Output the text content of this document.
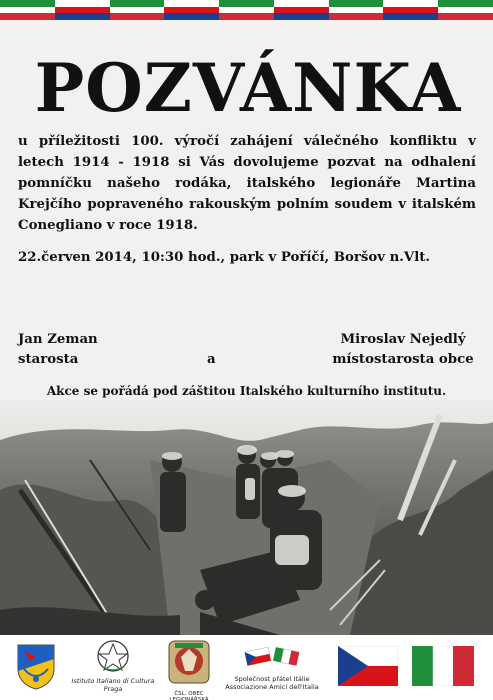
POZVÁNKA
u příležitosti 100. výročí zahájení válečného konfliktu v letech 1914 - 1918 si Vás dovolujeme pozvat na odhalení pomníčku našeho rodáka, italského legionáře Martina Krejčího popraveného rakouským polním soudem v italském Conegliano v roce 1918.
22.červen 2014, 10:30 hod., park v Poříčí, Boršov n.Vlt.
Jan Zeman
starosta	a
Miroslav Nejedlý
místostarosta obce
Akce se pořádá pod záštitou Italského kulturního institutu.
Istituto Italiano di Cultura
Praga
ČSL. OBEC LEGIONÁŘSKÁ
Společnost přátel Itálie
Associazione Amici dell'Italia
